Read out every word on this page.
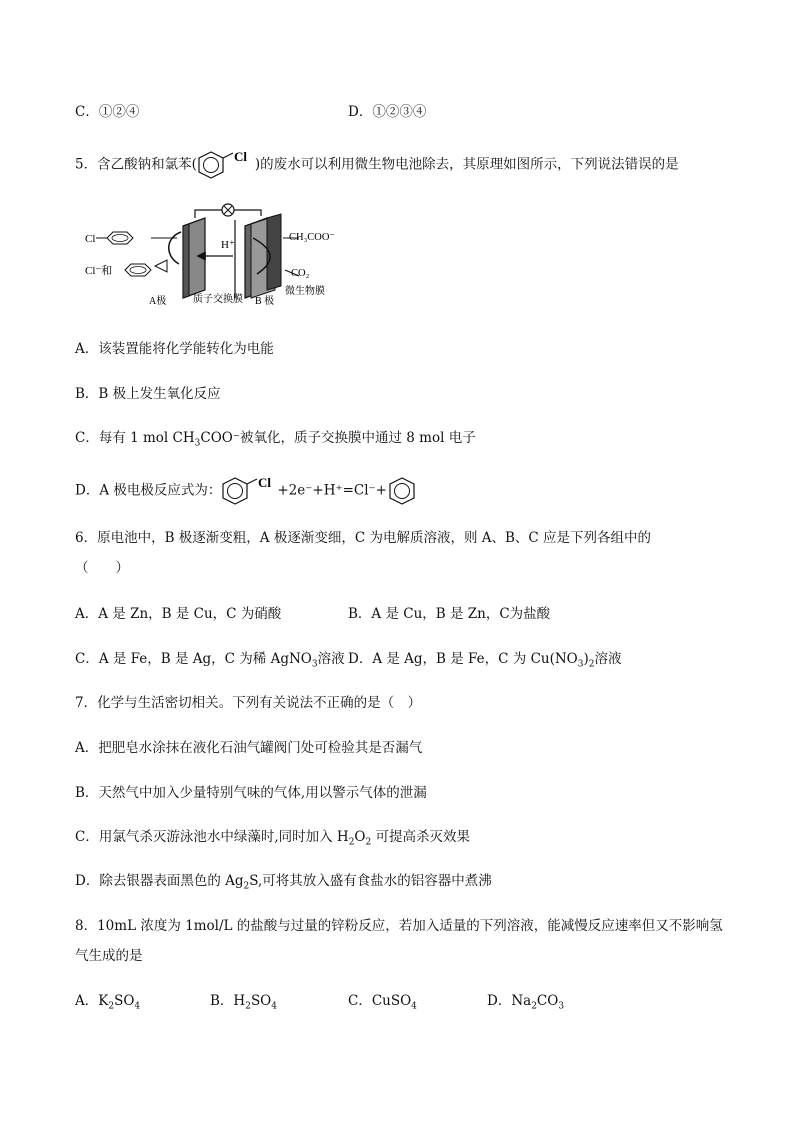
C．①②④	D．①②③④
5．含乙酸钠和氯苯(	Cl )的废水可以利用微生物电池除去，其原理如图所示，下列说法错误的是
H⁺
Cl
Cl⁻和
CH₃COO⁻
CO₂
A极	质子交换膜 B 极
微生物膜
A．该装置能将化学能转化为电能
B．B 极上发生氧化反应
C．每有 1 mol $CH_3COO^-$被氧化，质子交换膜中通过 8 mol 电子
D．A 极电极反应式为：	Cl +2e⁻+H⁺=Cl⁻+
6．原电池中，B 极逐渐变粗，A 极逐渐变细，C 为电解质溶液，则 A、B、C 应是下列各组中的
（　　）
A．A 是 Zn，B 是 Cu，C 为硝酸	B．A 是 Cu，B 是 Zn，C为盐酸
C．A 是 Fe，B 是 Ag，C 为稀 AgNO$_3$溶液 D．A 是 Ag，B 是 Fe，C 为 $Cu(NO_3)_2$溶液
7．化学与生活密切相关。下列有关说法不正确的是（　）
A．把肥皂水涂抹在液化石油气罐阀门处可检验其是否漏气
B．天然气中加入少量特别气味的气体,用以警示气体的泄漏
C．用氯气杀灭游泳池水中绿藻时,同时加入 $H_2O_2$ 可提高杀灭效果
D．除去银器表面黑色的 $Ag_2S$,可将其放入盛有食盐水的铝容器中煮沸
8．10mL 浓度为 1mol/L 的盐酸与过量的锌粉反应，若加入适量的下列溶液，能减慢反应速率但又不影响氢
气生成的是
A．$K_2SO_4$	B．$H_2SO_4$	C．CuSO$_4$	D．$Na_2CO_3$
